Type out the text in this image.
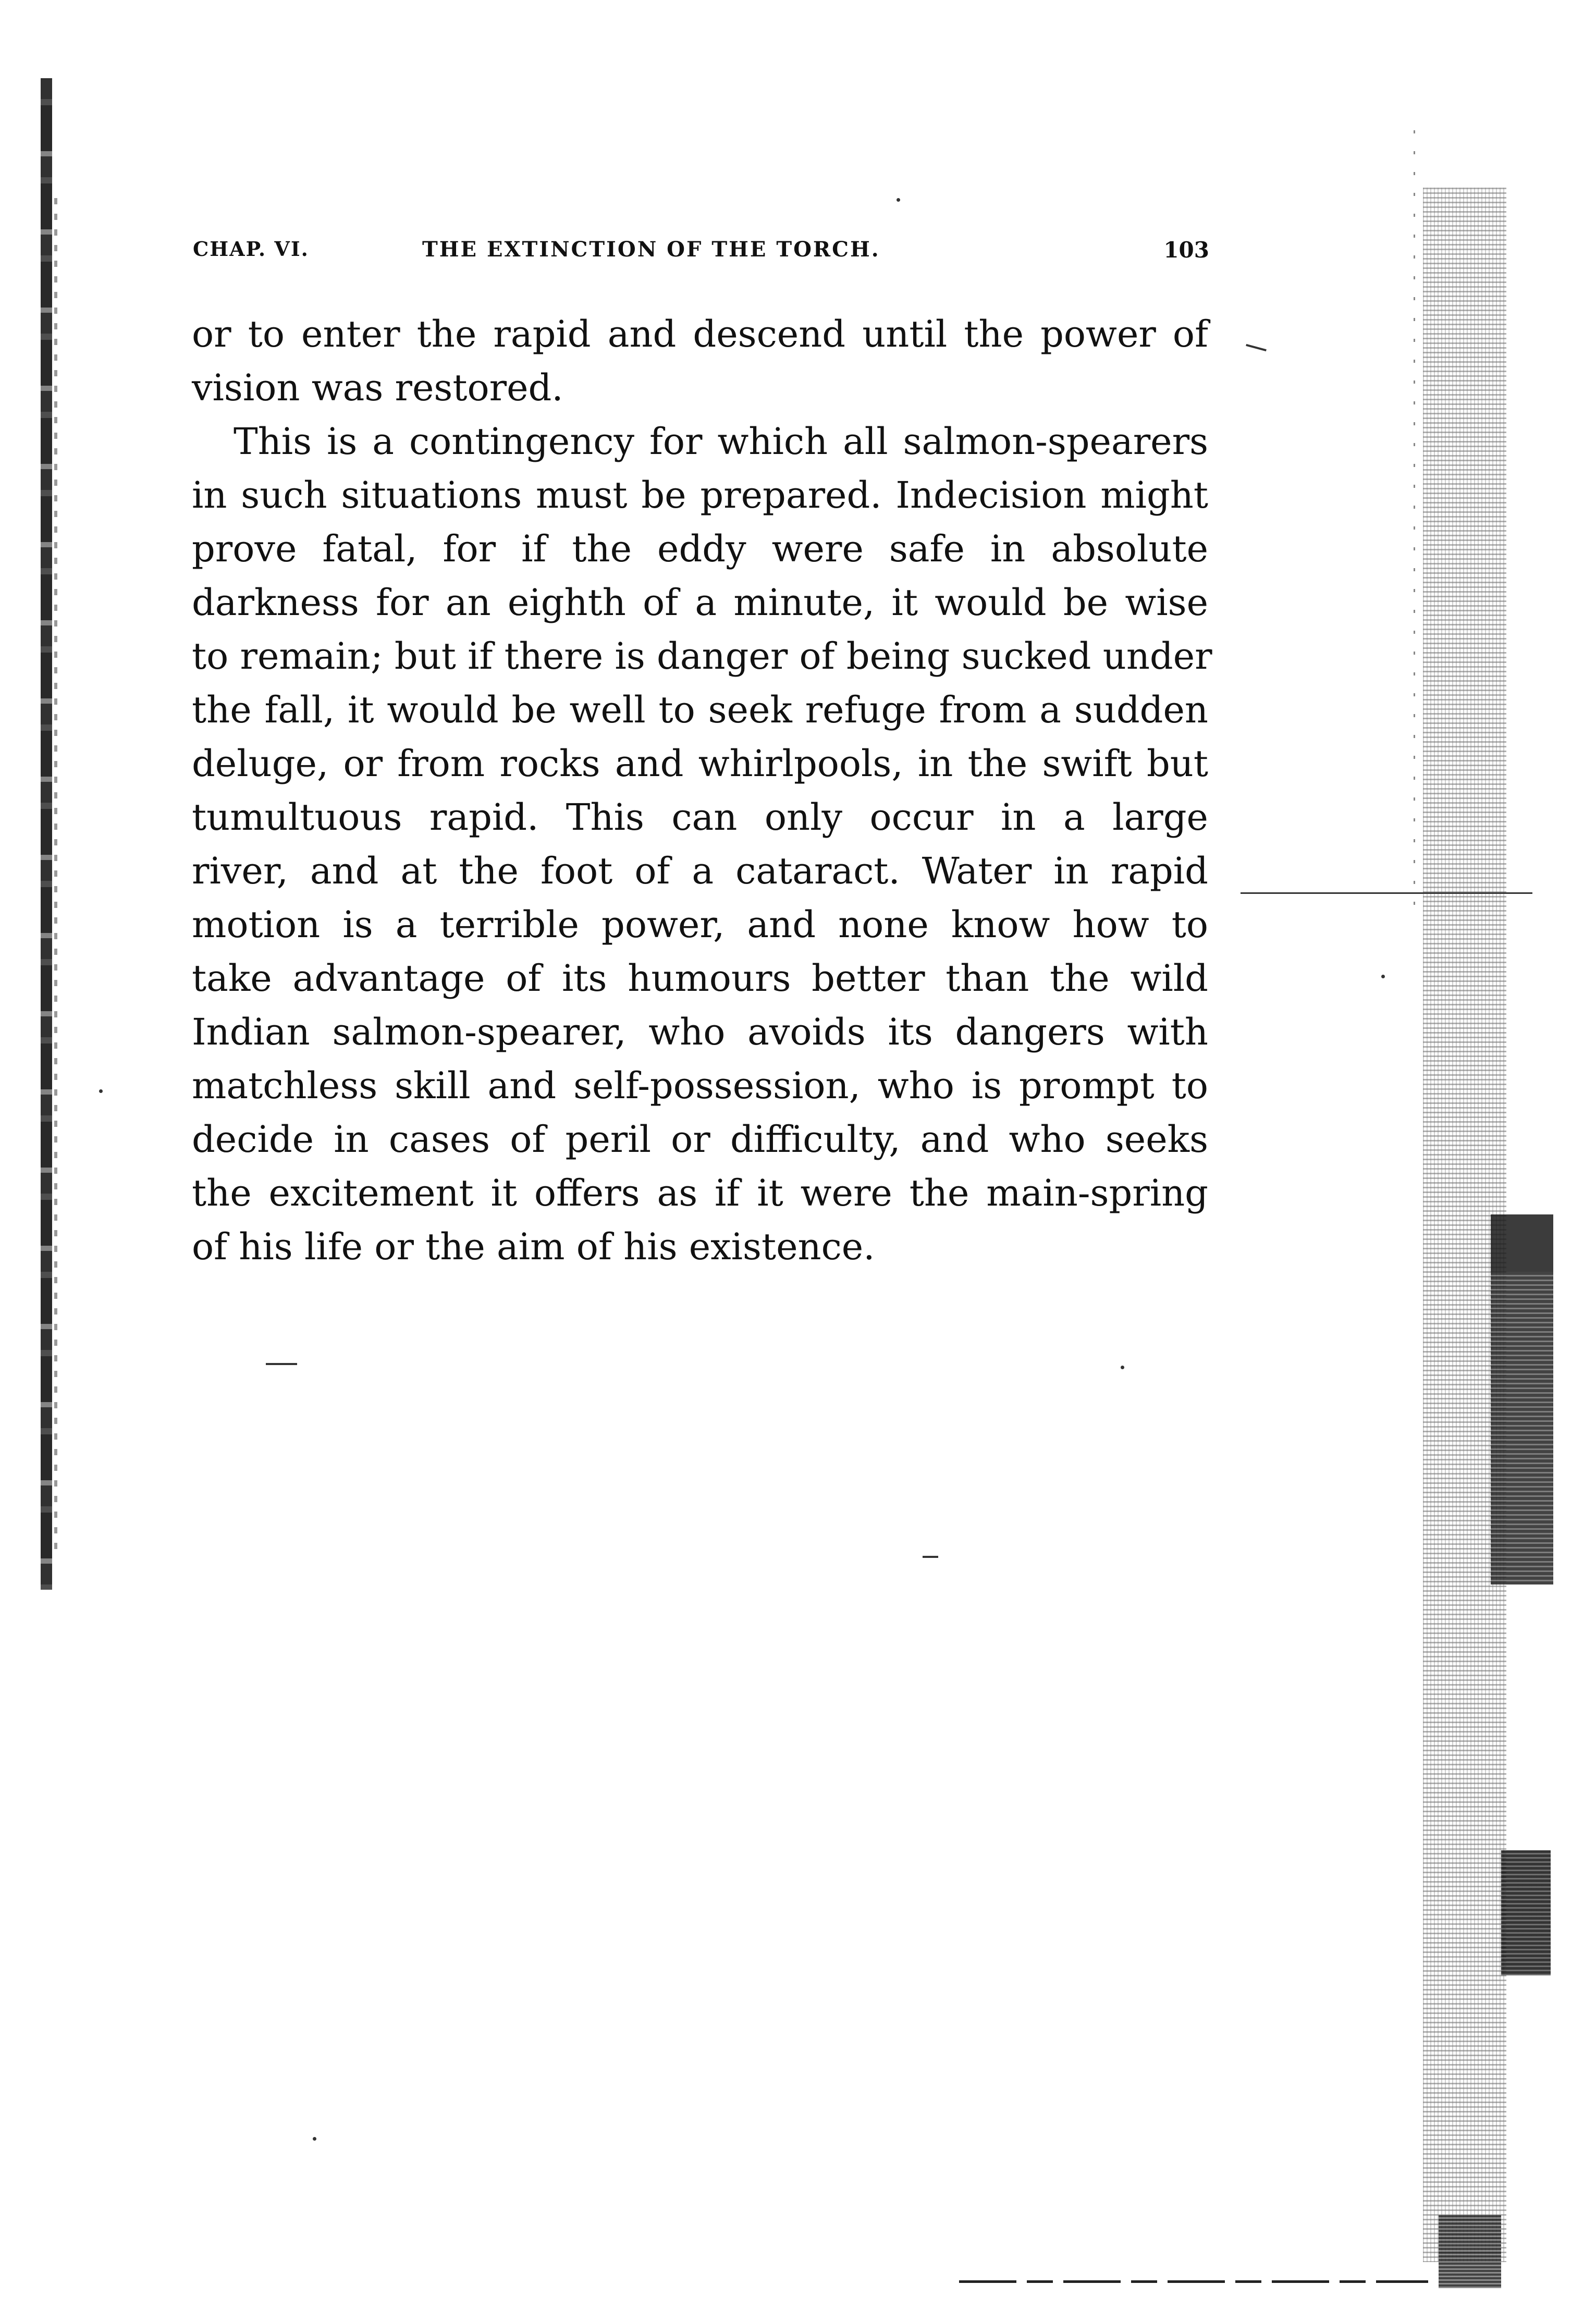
CHAP. VI.	THE EXTINCTION OF THE TORCH.	103
or to enter the rapid and descend until the power of
vision was restored.
This is a contingency for which all salmon-spearers
in such situations must be prepared. Indecision might
prove fatal, for if the eddy were safe in absolute
darkness for an eighth of a minute, it would be wise
to remain; but if there is danger of being sucked under
the fall, it would be well to seek refuge from a sudden
deluge, or from rocks and whirlpools, in the swift but
tumultuous rapid. This can only occur in a large
river, and at the foot of a cataract. Water in rapid
motion is a terrible power, and none know how to
take advantage of its humours better than the wild
Indian salmon-spearer, who avoids its dangers with
matchless skill and self-possession, who is prompt to
decide in cases of peril or difficulty, and who seeks
the excitement it offers as if it were the main-spring
of his life or the aim of his existence.
